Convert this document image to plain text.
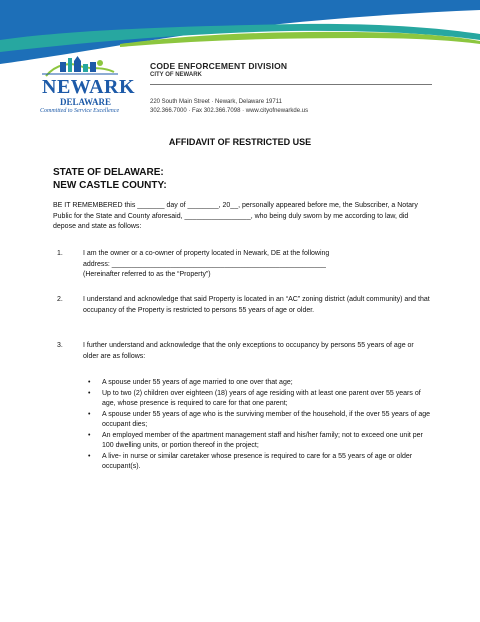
NEWARK
DELAWARE
Committed to Service Excellence
CODE ENFORCEMENT DIVISION
CITY OF NEWARK
220 South Main Street · Newark, Delaware 19711
302.366.7000 · Fax 302.366.7098 · www.cityofnewarkde.us
AFFIDAVIT OF RESTRICTED USE
STATE OF DELAWARE:
NEW CASTLE COUNTY:
BE IT REMEMBERED this _______ day of ________, 20__, personally appeared before me, the Subscriber, a Notary Public for the State and County aforesaid, _________________, who being duly sworn by me according to law, did depose and state as follows:
1.	I am the owner or a co-owner of property located in Newark, DE at the following
address: _______________________________________________________
(Hereinafter referred to as the “Property”)
2.	I understand and acknowledge that said Property is located in an “AC” zoning district (adult community) and that occupancy of the Property is restricted to persons 55 years of age or older.
3.	I further understand and acknowledge that the only exceptions to occupancy by persons 55 years of age or older are as follows:
• A spouse under 55 years of age married to one over that age;
• Up to two (2) children over eighteen (18) years of age residing with at least one parent over 55 years of age, whose presence is required to care for that one parent;
• A spouse under 55 years of age who is the surviving member of the household, if the over 55 years of age occupant dies;
• An employed member of the apartment management staff and his/her family; not to exceed one unit per 100 dwelling units, or portion thereof in the project;
• A live- in nurse or similar caretaker whose presence is required to care for a 55 years of age or older occupant(s).
